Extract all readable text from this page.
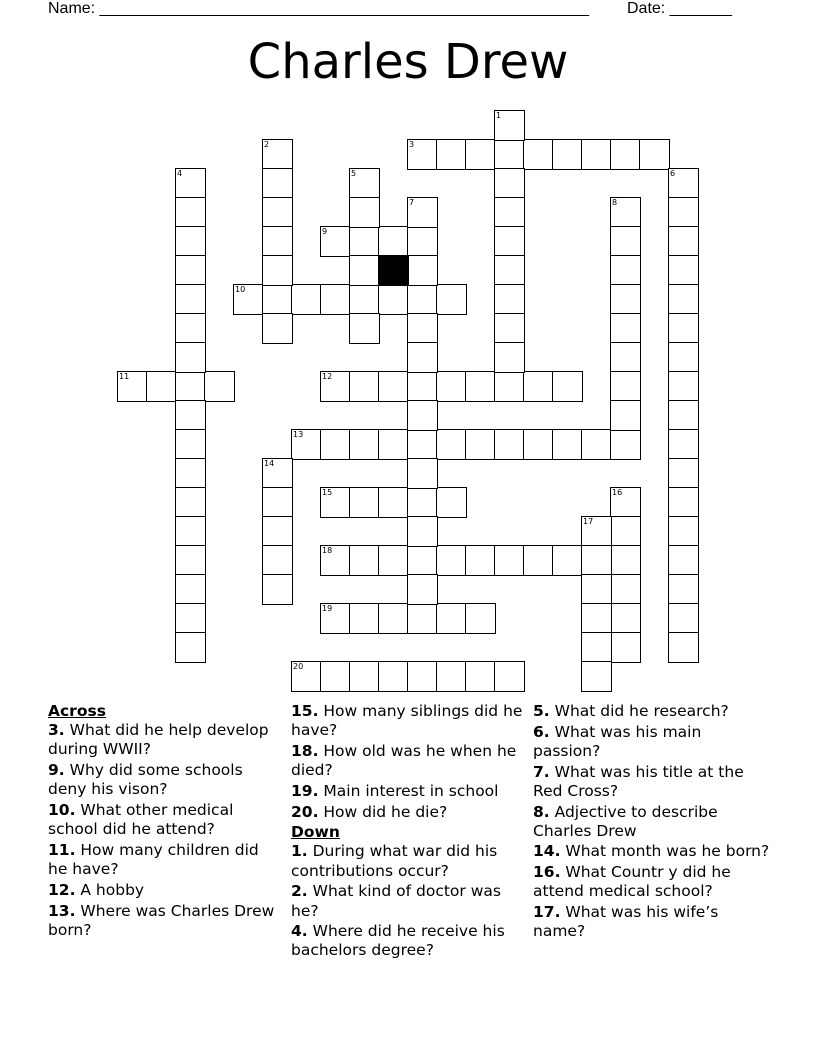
Name: _______________________________________________________ Date: _______
Charles Drew
3
9
10
11	12
13
15
18
19
20
1
2
4	5	6
7	8
14
16
17
Across
3. What did he help develop during WWII?
9. Why did some schools deny his vison?
10. What other medical school did he attend?
11. How many children did he have?
12. A hobby
13. Where was Charles Drew born?
15. How many siblings did he have?
18. How old was he when he died?
19. Main interest in school
20. How did he die?
Down
1. During what war did his contributions occur?
2. What kind of doctor was he?
4. Where did he receive his bachelors degree?
5. What did he research?
6. What was his main passion?
7. What was his title at the Red Cross?
8. Adjective to describe Charles Drew
14. What month was he born?
16. What Countr y did he attend medical school?
17. What was his wife’s name?
